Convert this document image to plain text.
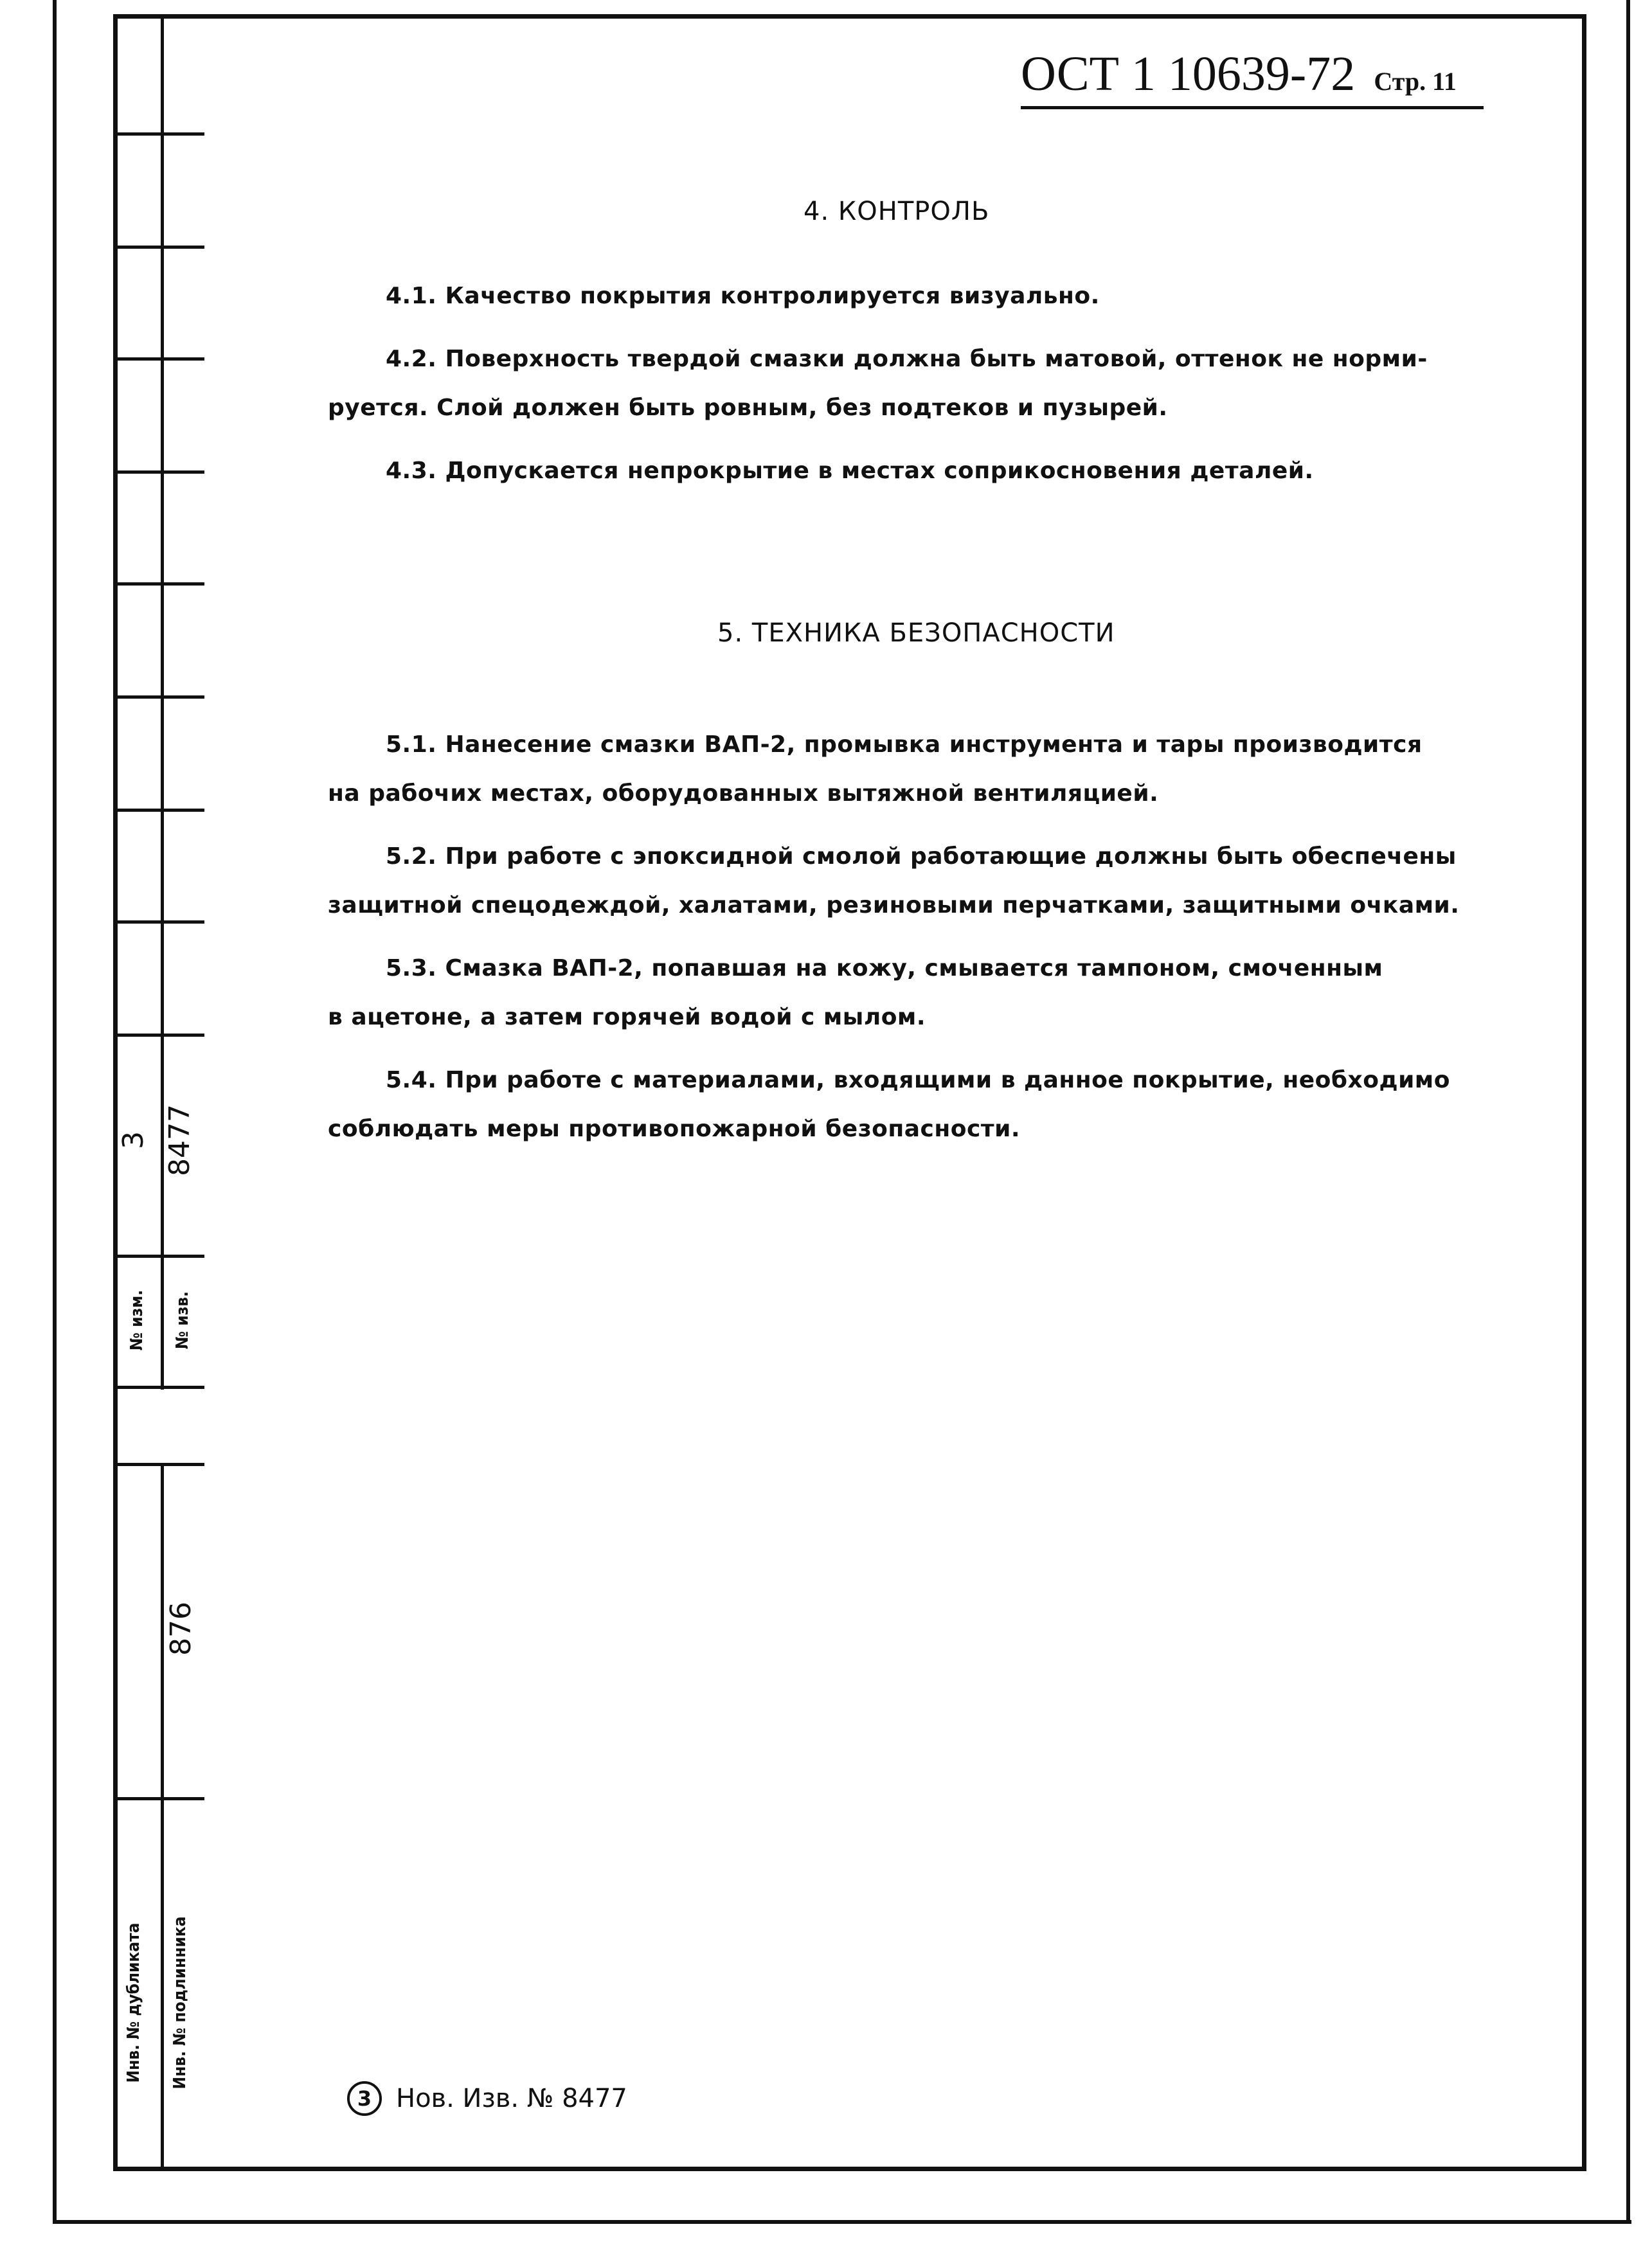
3 8477
№ изм. № изв.
876
Инв. № дубликата Инв. № подлинника
ОСТ 1 10639-72 Стр. 11
4. КОНТРОЛЬ
4.1. Качество покрытия контролируется визуально.
4.2. Поверхность твердой смазки должна быть матовой, оттенок не норми-
руется. Слой должен быть ровным, без подтеков и пузырей.
4.3. Допускается непрокрытие в местах соприкосновения деталей.
5. ТЕХНИКА БЕЗОПАСНОСТИ
5.1. Нанесение смазки ВАП-2, промывка инструмента и тары производится
на рабочих местах, оборудованных вытяжной вентиляцией.
5.2. При работе с эпоксидной смолой работающие должны быть обеспечены
защитной спецодеждой, халатами, резиновыми перчатками, защитными очками.
5.3. Смазка ВАП-2, попавшая на кожу, смывается тампоном, смоченным
в ацетоне, а затем горячей водой с мылом.
5.4. При работе с материалами, входящими в данное покрытие, необходимо
соблюдать меры противопожарной безопасности.
3 Нов. Изв. № 8477
